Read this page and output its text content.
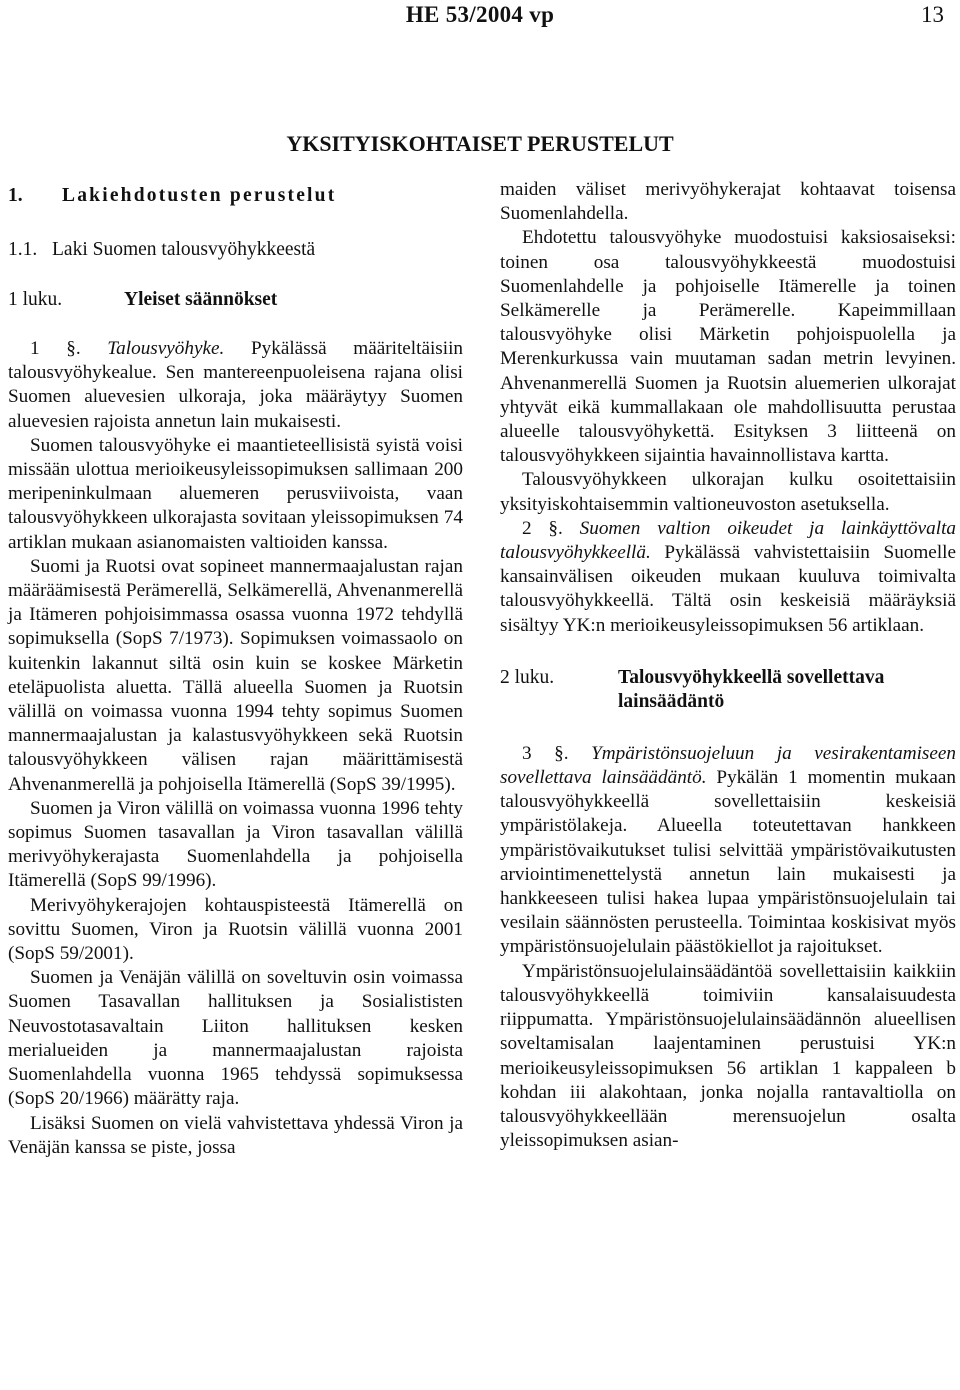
HE 53/2004 vp	13
YKSITYISKOHTAISET PERUSTELUT
1. Lakiehdotusten perustelut
1.1. Laki Suomen talousvyöhykkeestä
1 luku.	Yleiset säännökset

1 §. Talousvyöhyke. Pykälässä määriteltäisiin talousvyöhykealue. Sen mantereenpuoleisena rajana olisi Suomen aluevesien ulkoraja, joka määräytyy Suomen aluevesien rajoista annetun lain mukaisesti.

Suomen talousvyöhyke ei maantieteellisistä syistä voisi missään ulottua merioikeusyleissopimuksen sallimaan 200 meripeninkulmaan aluemeren perusviivoista, vaan talousvyöhykkeen ulkorajasta sovitaan yleissopimuksen 74 artiklan mukaan asianomaisten valtioiden kanssa.

Suomi ja Ruotsi ovat sopineet mannermaajalustan rajan määräämisestä Perämerellä, Selkämerellä, Ahvenanmerellä ja Itämeren pohjoisimmassa osassa vuonna 1972 tehdyllä sopimuksella (SopS 7/1973). Sopimuksen voimassaolo on kuitenkin lakannut siltä osin kuin se koskee Märketin eteläpuolista aluetta. Tällä alueella Suomen ja Ruotsin välillä on voimassa vuonna 1994 tehty sopimus Suomen mannermaajalustan ja kalastusvyöhykkeen sekä Ruotsin talousvyöhykkeen välisen rajan määrittämisestä Ahvenanmerellä ja pohjoisella Itämerellä (SopS 39/1995).

Suomen ja Viron välillä on voimassa vuonna 1996 tehty sopimus Suomen tasavallan ja Viron tasavallan välillä merivyöhykerajasta Suomenlahdella ja pohjoisella Itämerellä (SopS 99/1996).

Merivyöhykerajojen kohtauspisteestä Itämerellä on sovittu Suomen, Viron ja Ruotsin välillä vuonna 2001 (SopS 59/2001).

Suomen ja Venäjän välillä on soveltuvin osin voimassa Suomen Tasavallan hallituksen ja Sosialististen Neuvostotasavaltain Liiton hallituksen kesken merialueiden ja mannermaajalustan rajoista Suomenlahdella vuonna 1965 tehdyssä sopimuksessa (SopS 20/1966) määrätty raja.

Lisäksi Suomen on vielä vahvistettava yhdessä Viron ja Venäjän kanssa se piste, jossa

maiden väliset merivyöhykerajat kohtaavat toisensa Suomenlahdella.

Ehdotettu talousvyöhyke muodostuisi kaksiosaiseksi: toinen osa talousvyöhykkeestä muodostuisi Suomenlahdelle ja pohjoiselle Itämerelle ja toinen Selkämerelle ja Perämerelle. Kapeimmillaan talousvyöhyke olisi Märketin pohjoispuolella ja Merenkurkussa vain muutaman sadan metrin levyinen. Ahvenanmerellä Suomen ja Ruotsin aluemerien ulkorajat yhtyvät eikä kummallakaan ole mahdollisuutta perustaa alueelle talousvyöhykettä. Esityksen 3 liitteenä on talousvyöhykkeen sijaintia havainnollistava kartta.

Talousvyöhykkeen ulkorajan kulku osoitettaisiin yksityiskohtaisemmin valtioneuvoston asetuksella.

2 §. Suomen valtion oikeudet ja lainkäyttövalta talousvyöhykkeellä. Pykälässä vahvistettaisiin Suomelle kansainvälisen oikeuden mukaan kuuluva toimivalta talousvyöhykkeellä. Tältä osin keskeisiä määräyksiä sisältyy YK:n merioikeusyleissopimuksen 56 artiklaan.

2 luku.	Talousvyöhykkeellä sovellettava lainsäädäntö

3 §. Ympäristönsuojeluun ja vesirakentamiseen sovellettava lainsäädäntö. Pykälän 1 momentin mukaan talousvyöhykkeellä sovellettaisiin keskeisiä ympäristölakeja. Alueella toteutettavan hankkeen ympäristövaikutukset tulisi selvittää ympäristövaikutusten arviointimenettelystä annetun lain mukaisesti ja hankkeeseen tulisi hakea lupaa ympäristönsuojelulain tai vesilain säännösten perusteella. Toimintaa koskisivat myös ympäristönsuojelulain päästökiellot ja rajoitukset.

Ympäristönsuojelulainsäädäntöä sovellettaisiin kaikkiin talousvyöhykkeellä toimiviin kansalaisuudesta riippumatta. Ympäristönsuojelulainsäädännön alueellisen soveltamisalan laajentaminen perustuisi YK:n merioikeusyleissopimuksen 56 artiklan 1 kappaleen b kohdan iii alakohtaan, jonka nojalla rantavaltiolla on talousvyöhykkeellään merensuojelun osalta yleissopimuksen asian-
